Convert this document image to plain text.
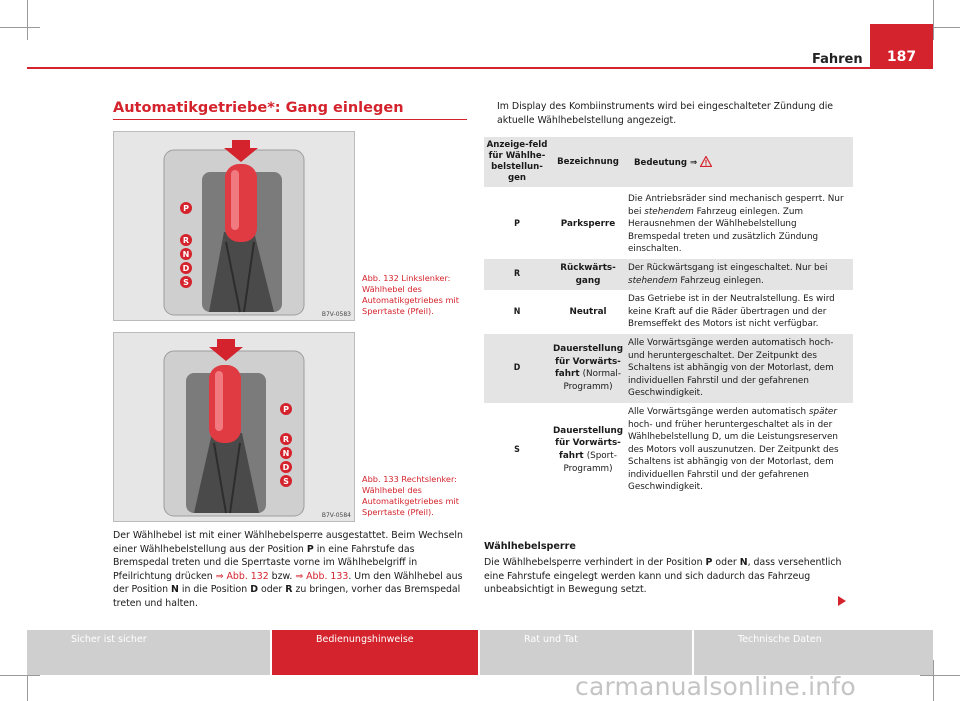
Fahren	187
Automatikgetriebe*: Gang einlegen
P
R
N
D
S
B7V-0583
Abb. 132 Linkslenker: Wählhebel des Automatikgetriebes mit Sperrtaste (Pfeil).
P
R
N
D
S
B7V-0584
Abb. 133 Rechtslenker: Wählhebel des Automatikgetriebes mit Sperrtaste (Pfeil).
Der Wählhebel ist mit einer Wählhebelsperre ausgestattet. Beim Wechseln einer Wählhebelstellung aus der Position P in eine Fahrstufe das Bremspedal treten und die Sperrtaste vorne im Wählhebelgriff in Pfeilrichtung drücken ⇒ Abb. 132 bzw. ⇒ Abb. 133. Um den Wählhebel aus der Position N in die Position D oder R zu bringen, vorher das Bremspedal treten und halten.
Im Display des Kombiinstruments wird bei eingeschalteter Zündung die aktuelle Wählhebelstellung angezeigt.
Anzeige-feld für Wählhe-belstellun-gen	Bezeichnung	Bedeutung ⇒

P	Parksperre	Die Antriebsräder sind mechanisch gesperrt. Nur bei stehendem Fahrzeug einlegen. Zum Herausnehmen der Wählhebelstellung Bremspedal treten und zusätzlich Zündung einschalten.
R	Rückwärts-gang	Der Rückwärtsgang ist eingeschaltet. Nur bei stehendem Fahrzeug einlegen.
N	Neutral	Das Getriebe ist in der Neutralstellung. Es wird keine Kraft auf die Räder übertragen und der Bremseffekt des Motors ist nicht verfügbar.
D	Dauerstellung für Vorwärts-fahrt (Normal-Programm)	Alle Vorwärtsgänge werden automatisch hoch- und heruntergeschaltet. Der Zeitpunkt des Schaltens ist abhängig von der Motorlast, dem individuellen Fahrstil und der gefahrenen Geschwindigkeit.
S	Dauerstellung für Vorwärts-fahrt (Sport-Programm)	Alle Vorwärtsgänge werden automatisch später hoch- und früher heruntergeschaltet als in der Wählhebelstellung D, um die Leistungsreserven des Motors voll auszunutzen. Der Zeitpunkt des Schaltens ist abhängig von der Motorlast, dem individuellen Fahrstil und der gefahrenen Geschwindigkeit.
Wählhebelsperre
Die Wählhebelsperre verhindert in der Position P oder N, dass versehentlich eine Fahrstufe eingelegt werden kann und sich dadurch das Fahrzeug unbeabsichtigt in Bewegung setzt.
Sicher ist sicher	Bedienungshinweise	Rat und Tat	Technische Daten
carmanualsonline.info
